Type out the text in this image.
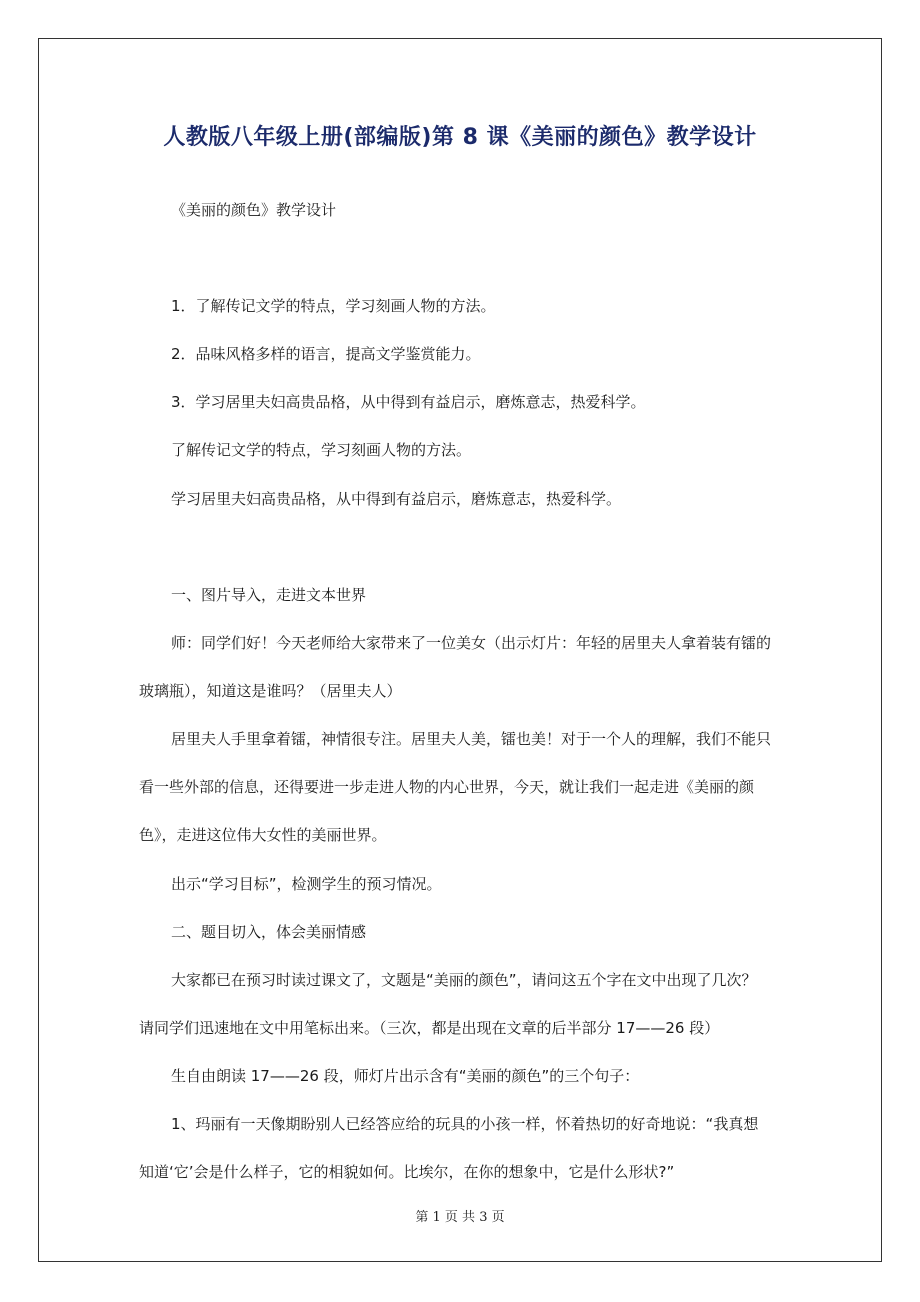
人教版八年级上册(部编版)第 8 课《美丽的颜色》教学设计
《美丽的颜色》教学设计
1．了解传记文学的特点，学习刻画人物的方法。
2．品味风格多样的语言，提高文学鉴赏能力。
3．学习居里夫妇高贵品格，从中得到有益启示，磨炼意志，热爱科学。
了解传记文学的特点，学习刻画人物的方法。
学习居里夫妇高贵品格，从中得到有益启示，磨炼意志，热爱科学。
一、图片导入，走进文本世界
师：同学们好！今天老师给大家带来了一位美女（出示灯片：年轻的居里夫人拿着装有镭的
玻璃瓶），知道这是谁吗？（居里夫人）
居里夫人手里拿着镭，神情很专注。居里夫人美，镭也美！对于一个人的理解，我们不能只
看一些外部的信息，还得要进一步走进人物的内心世界，今天，就让我们一起走进《美丽的颜
色》，走进这位伟大女性的美丽世界。
出示“学习目标”，检测学生的预习情况。
二、题目切入，体会美丽情感
大家都已在预习时读过课文了，文题是“美丽的颜色”，请问这五个字在文中出现了几次？
请同学们迅速地在文中用笔标出来。（三次，都是出现在文章的后半部分 17——26 段）
生自由朗读 17——26 段，师灯片出示含有“美丽的颜色”的三个句子：
1、玛丽有一天像期盼别人已经答应给的玩具的小孩一样，怀着热切的好奇地说：“我真想
知道‘它’会是什么样子，它的相貌如何。比埃尔，在你的想象中，它是什么形状?”
第 1 页 共 3 页
